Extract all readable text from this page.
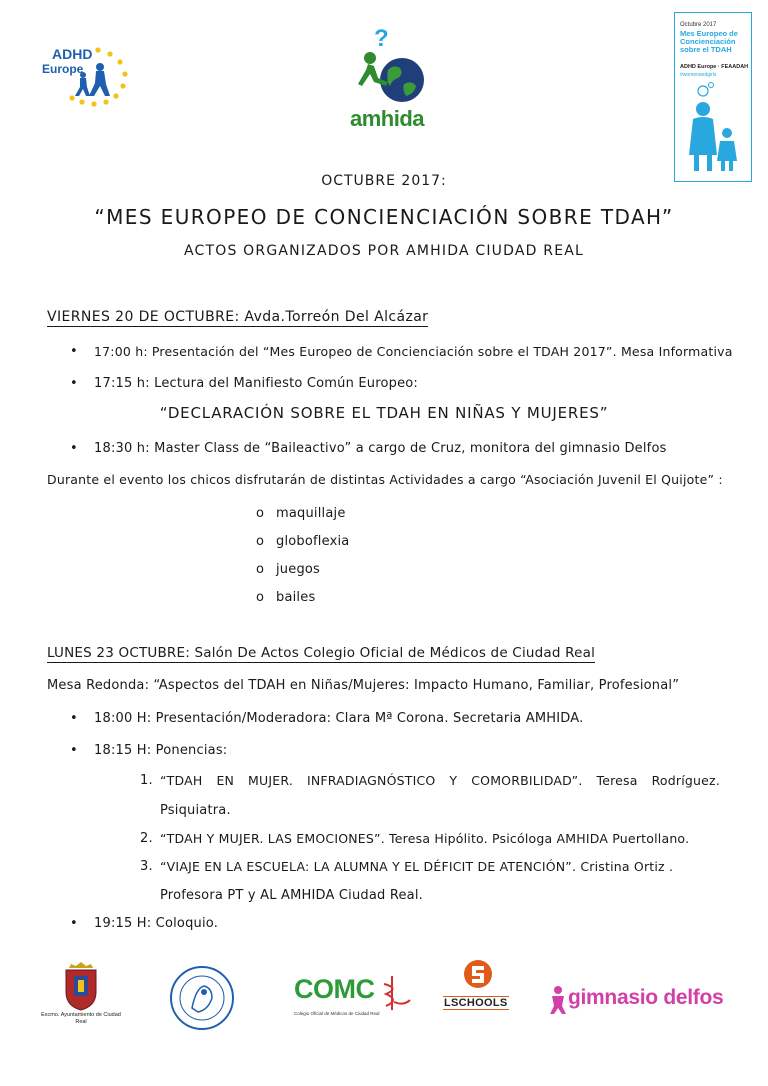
ADHD
Europe
?
amhida
Octubre 2017
Mes Europeo de Concienciación sobre el TDAH
ADHD Europe · FEAADAH
#womenandgirls
OCTUBRE 2017:
“MES EUROPEO DE CONCIENCIACIÓN SOBRE TDAH”
ACTOS ORGANIZADOS POR AMHIDA CIUDAD REAL
VIERNES 20 DE OCTUBRE: Avda.Torreón Del Alcázar
• 17:00 h: Presentación del “Mes Europeo de Concienciación sobre el TDAH 2017”. Mesa Informativa
• 17:15 h: Lectura del Manifiesto Común Europeo:
“DECLARACIÓN SOBRE EL TDAH EN NIÑAS Y MUJERES”
• 18:30 h: Master Class de “Baileactivo” a cargo de Cruz, monitora del gimnasio Delfos
Durante el evento los chicos disfrutarán de distintas Actividades a cargo “Asociación Juvenil El Quijote” :
o maquillaje
o globoflexia
o juegos
o bailes
LUNES 23 OCTUBRE: Salón De Actos Colegio Oficial de Médicos de Ciudad Real
Mesa Redonda: “Aspectos del TDAH en Niñas/Mujeres: Impacto Humano, Familiar, Profesional”
• 18:00 H: Presentación/Moderadora: Clara Mª Corona. Secretaria AMHIDA.
• 18:15 H: Ponencias:
1. “TDAH EN MUJER. INFRADIAGNÓSTICO Y COMORBILIDAD”. Teresa Rodríguez.
Psiquiatra.
2. “TDAH Y MUJER. LAS EMOCIONES”. Teresa Hipólito. Psicóloga AMHIDA Puertollano.
3. “VIAJE EN LA ESCUELA: LA ALUMNA Y EL DÉFICIT DE ATENCIÓN”. Cristina Ortiz .
Profesora PT y AL AMHIDA Ciudad Real.
• 19:15 H: Coloquio.
Excmo. Ayuntamiento de Ciudad Real
COMC
Colegio Oficial de Médicos de Ciudad Real
LSCHOOLS	gimnasio delfos
